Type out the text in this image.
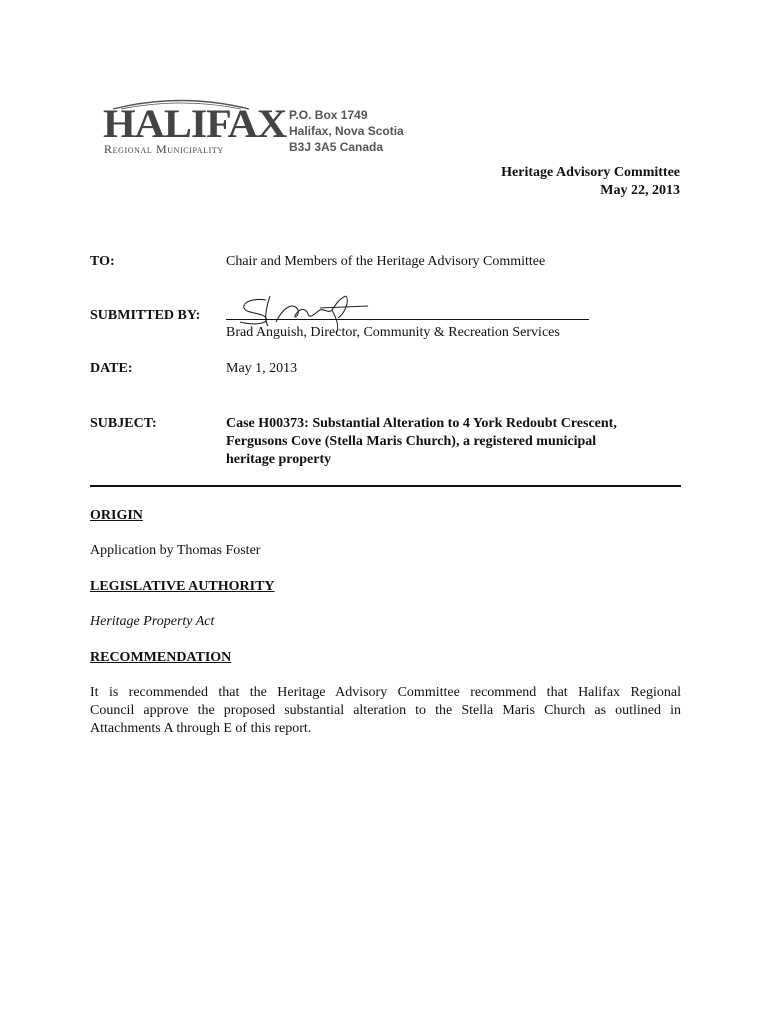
HALIFAX
Regional Municipality
P.O. Box 1749
Halifax, Nova Scotia
B3J 3A5 Canada
Heritage Advisory Committee
May 22, 2013
TO:	Chair and Members of the Heritage Advisory Committee
SUBMITTED BY:
Brad Anguish, Director, Community & Recreation Services
DATE:	May 1, 2013
SUBJECT:	Case H00373: Substantial Alteration to 4 York Redoubt Crescent,
Fergusons Cove (Stella Maris Church), a registered municipal
heritage property
ORIGIN
Application by Thomas Foster
LEGISLATIVE AUTHORITY
Heritage Property Act
RECOMMENDATION
It is recommended that the Heritage Advisory Committee recommend that Halifax Regional
Council approve the proposed substantial alteration to the Stella Maris Church as outlined in
Attachments A through E of this report.
